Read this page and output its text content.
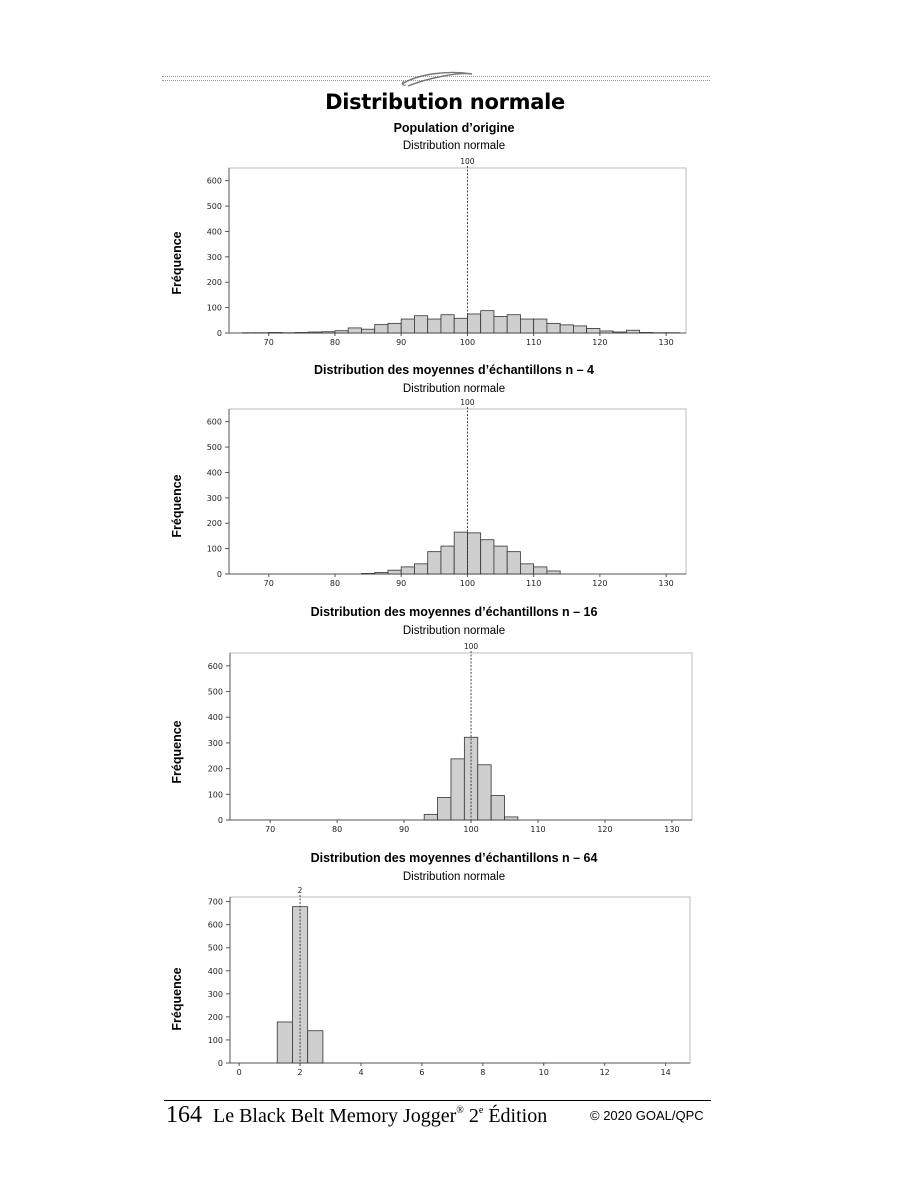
Distribution normale
Population d’origine
Distribution normale
0
100
200
300
400
500
600
70	80	90	100	110	120	130
100
Fréquence
Distribution des moyennes d’échantillons n – 4
Distribution normale
0
100
200
300
400
500
600
70	80	90	100	110	120	130
100
Fréquence
Distribution des moyennes d’échantillons n – 16
Distribution normale
0
100
200
300
400
500
600
70	80	90	100	110	120	130
100
Fréquence
Distribution des moyennes d’échantillons n – 64
Distribution normale
0
100
200
300
400
500
600
700
0	2	4	6	8	10	12	14
2
Fréquence
164 Le Black Belt Memory Jogger® 2e Édition	© 2020 GOAL/QPC
